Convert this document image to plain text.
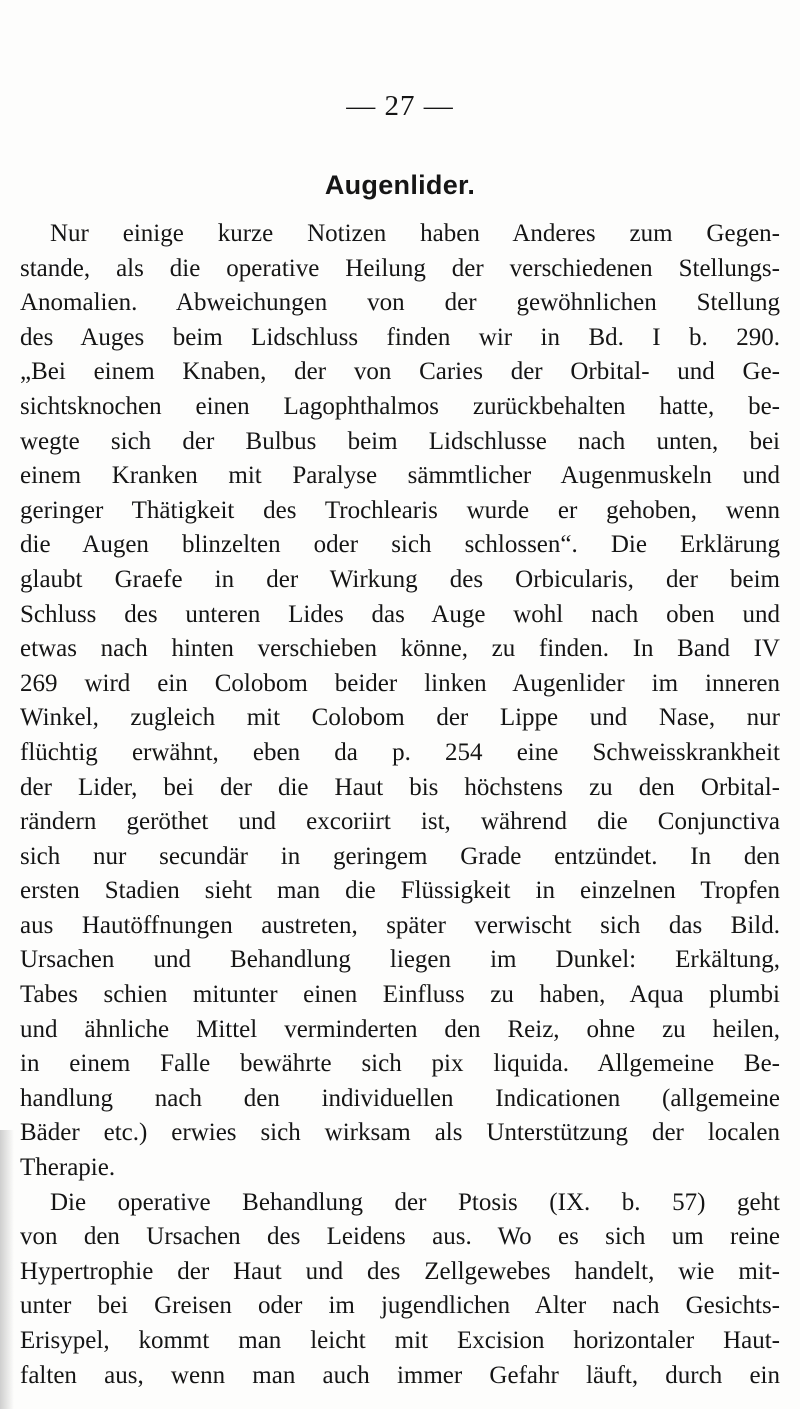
— 27 —
Augenlider.
Nur einige kurze Notizen haben Anderes zum Gegen-
stande, als die operative Heilung der verschiedenen Stellungs-
Anomalien. Abweichungen von der gewöhnlichen Stellung
des Auges beim Lidschluss finden wir in Bd. I b. 290.
„Bei einem Knaben, der von Caries der Orbital- und Ge-
sichtsknochen einen Lagophthalmos zurückbehalten hatte, be-
wegte sich der Bulbus beim Lidschlusse nach unten, bei
einem Kranken mit Paralyse sämmtlicher Augenmuskeln und
geringer Thätigkeit des Trochlearis wurde er gehoben, wenn
die Augen blinzelten oder sich schlossen“. Die Erklärung
glaubt Graefe in der Wirkung des Orbicularis, der beim
Schluss des unteren Lides das Auge wohl nach oben und
etwas nach hinten verschieben könne, zu finden. In Band IV
269 wird ein Colobom beider linken Augenlider im inneren
Winkel, zugleich mit Colobom der Lippe und Nase, nur
flüchtig erwähnt, eben da p. 254 eine Schweisskrankheit
der Lider, bei der die Haut bis höchstens zu den Orbital-
rändern geröthet und excoriirt ist, während die Conjunctiva
sich nur secundär in geringem Grade entzündet. In den
ersten Stadien sieht man die Flüssigkeit in einzelnen Tropfen
aus Hautöffnungen austreten, später verwischt sich das Bild.
Ursachen und Behandlung liegen im Dunkel: Erkältung,
Tabes schien mitunter einen Einfluss zu haben, Aqua plumbi
und ähnliche Mittel verminderten den Reiz, ohne zu heilen,
in einem Falle bewährte sich pix liquida. Allgemeine Be-
handlung nach den individuellen Indicationen (allgemeine
Bäder etc.) erwies sich wirksam als Unterstützung der localen
Therapie.
Die operative Behandlung der Ptosis (IX. b. 57) geht
von den Ursachen des Leidens aus. Wo es sich um reine
Hypertrophie der Haut und des Zellgewebes handelt, wie mit-
unter bei Greisen oder im jugendlichen Alter nach Gesichts-
Erisypel, kommt man leicht mit Excision horizontaler Haut-
falten aus, wenn man auch immer Gefahr läuft, durch ein
